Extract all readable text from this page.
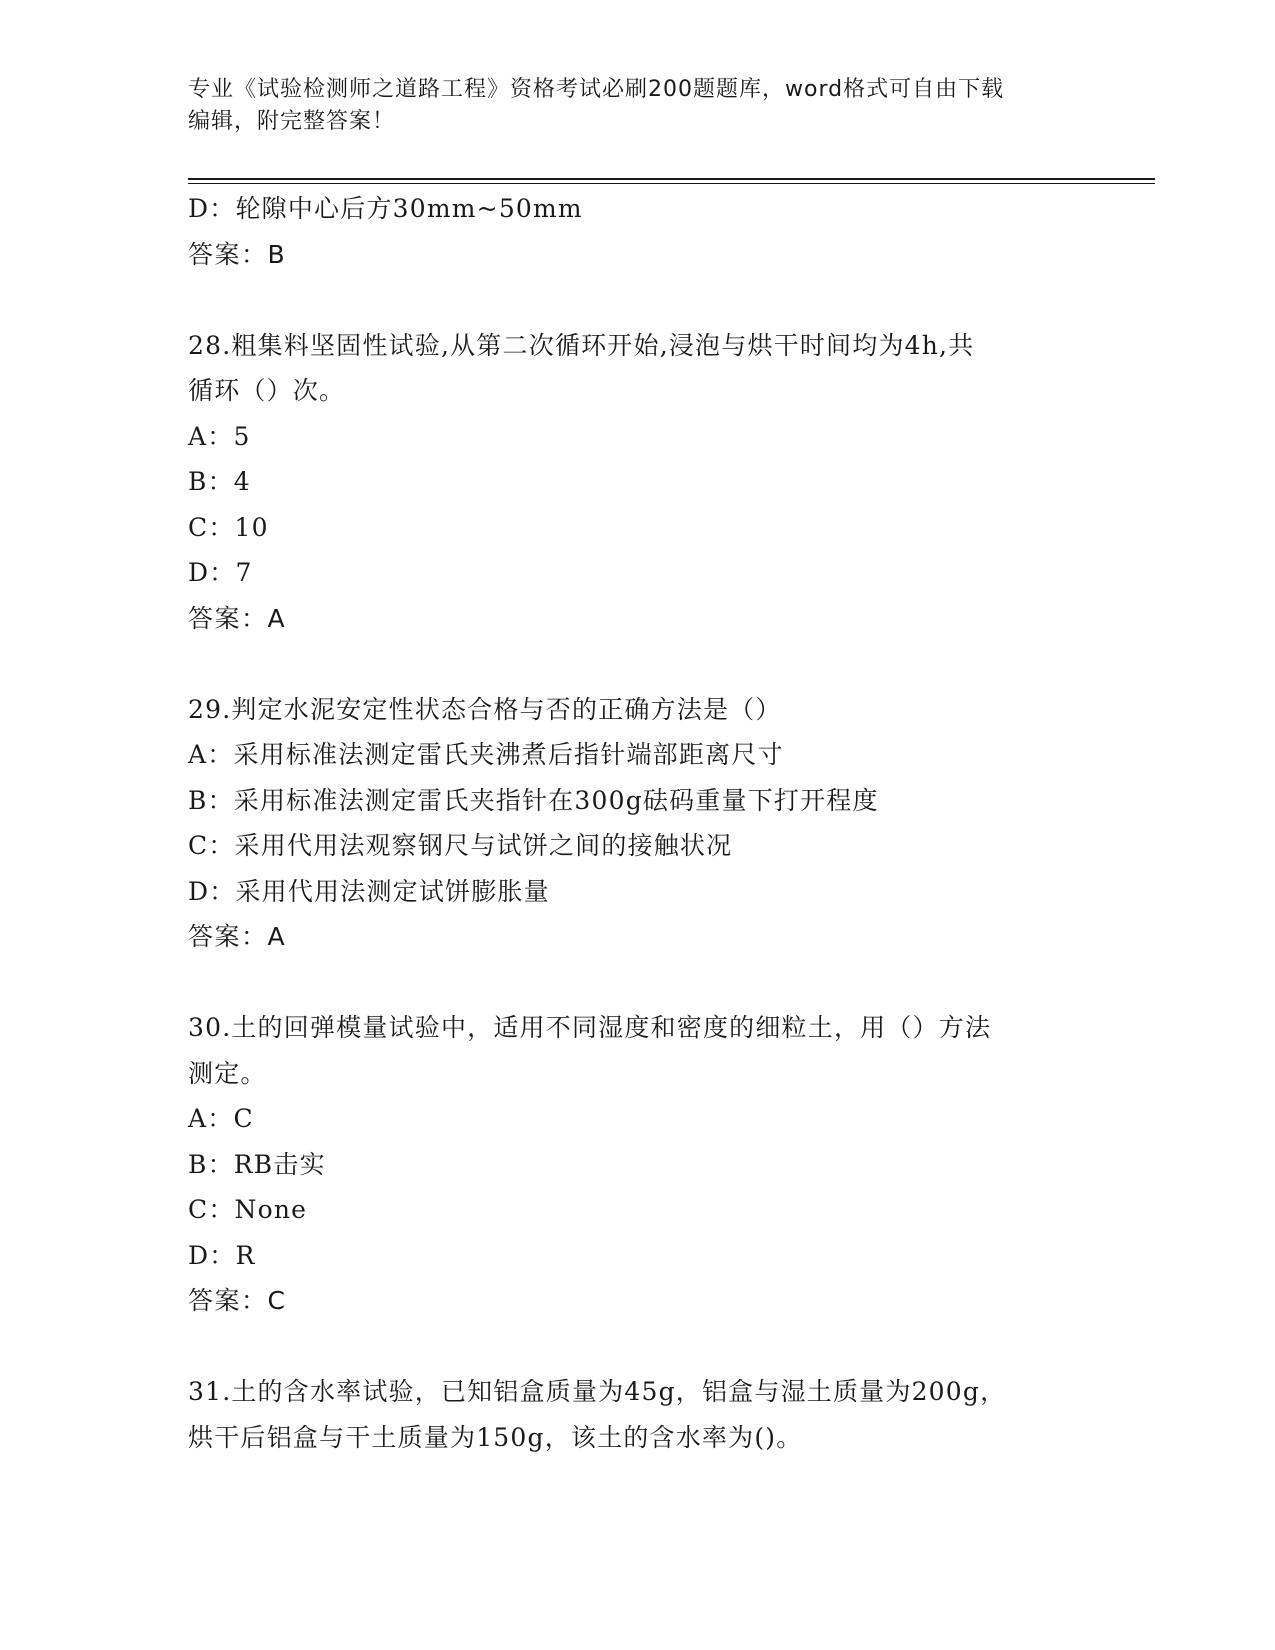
专业《试验检测师之道路工程》资格考试必刷200题题库，word格式可自由下载
编辑，附完整答案！
D：轮隙中心后方30mm~50mm
答案：B
28.粗集料坚固性试验,从第二次循环开始,浸泡与烘干时间均为4h,共
循环（）次。
A：5
B：4
C：10
D：7
答案：A
29.判定水泥安定性状态合格与否的正确方法是（）
A：采用标准法测定雷氏夹沸煮后指针端部距离尺寸
B：采用标准法测定雷氏夹指针在300g砝码重量下打开程度
C：采用代用法观察钢尺与试饼之间的接触状况
D：采用代用法测定试饼膨胀量
答案：A
30.土的回弹模量试验中，适用不同湿度和密度的细粒土，用（）方法
测定。
A：C
B：RB击实
C：None
D：R
答案：C
31.土的含水率试验，已知铝盒质量为45g，铝盒与湿土质量为200g，
烘干后铝盒与干土质量为150g，该土的含水率为()。
